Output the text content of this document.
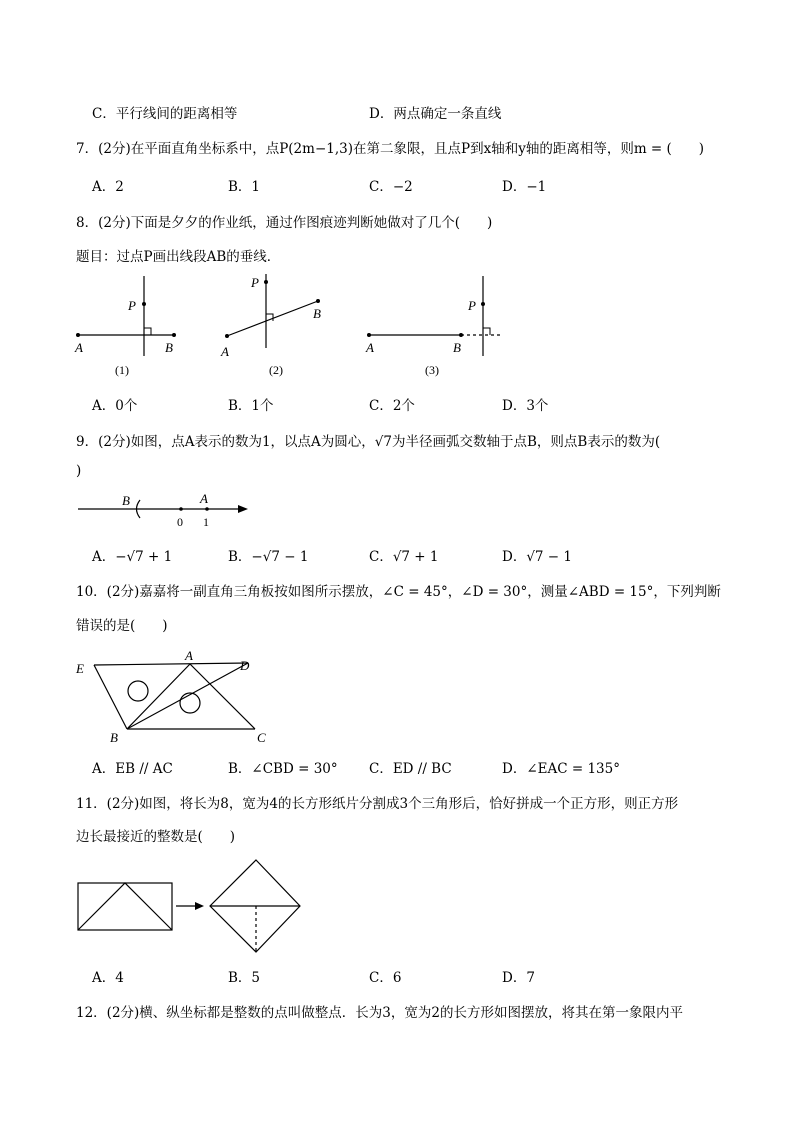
C．平行线间的距离相等	D．两点确定一条直线
7．(2分)在平面直角坐标系中，点P(2m−1,3)在第二象限，且点P到x轴和y轴的距离相等，则m = (　　)
A．2	B．1	C．−2	D．−1
8．(2分)下面是夕夕的作业纸，通过作图痕迹判断她做对了几个(　　)
题目：过点P画出线段AB的垂线．
P
A	B
(1)
P
A
B
(2)
P
A	B
(3)
A．0个	B．1个	C．2个	D．3个
9．(2分)如图，点A表示的数为1，以点A为圆心，√7为半径画弧交数轴于点B，则点B表示的数为(
)
B	A
0 1
A．−√7 + 1	B．−√7 − 1	C．√7 + 1	D．√7 − 1
10．(2分)嘉嘉将一副直角三角板按如图所示摆放，∠C = 45°，∠D = 30°，测量∠ABD = 15°，下列判断
错误的是(　　)
E
A
D
B	C
A．EB // AC	B．∠CBD = 30° C．ED // BC	D．∠EAC = 135°
11．(2分)如图，将长为8，宽为4的长方形纸片分割成3个三角形后，恰好拼成一个正方形，则正方形
边长最接近的整数是(　　)
A．4	B．5	C．6	D．7
12．(2分)横、纵坐标都是整数的点叫做整点．长为3，宽为2的长方形如图摆放，将其在第一象限内平
